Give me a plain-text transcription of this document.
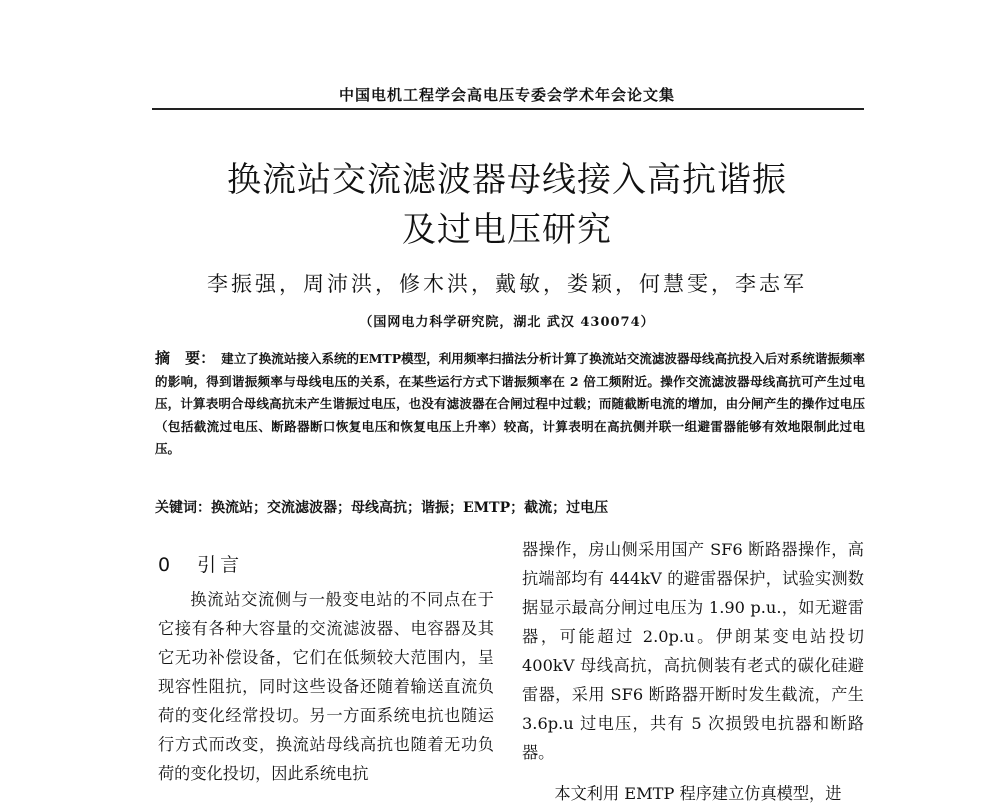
中国电机工程学会高电压专委会学术年会论文集
换流站交流滤波器母线接入高抗谐振
及过电压研究
李振强，周沛洪，修木洪，戴敏，娄颖，何慧雯，李志军
（国网电力科学研究院，湖北 武汉 430074）
摘　要： 建立了换流站接入系统的EMTP模型，利用频率扫描法分析计算了换流站交流滤波器母线高抗投入后对系统谐振频率的影响，得到谐振频率与母线电压的关系，在某些运行方式下谐振频率在 2 倍工频附近。操作交流滤波器母线高抗可产生过电压，计算表明合母线高抗未产生谐振过电压，也没有滤波器在合闸过程中过载；而随截断电流的增加，由分闸产生的操作过电压（包括截流过电压、断路器断口恢复电压和恢复电压上升率）较高，计算表明在高抗侧并联一组避雷器能够有效地限制此过电压。
关键词：换流站；交流滤波器；母线高抗；谐振；EMTP；截流；过电压
0　引言

换流站交流侧与一般变电站的不同点在于它接有各种大容量的交流滤波器、电容器及其它无功补偿设备，它们在低频较大范围内，呈现容性阻抗，同时这些设备还随着输送直流负荷的变化经常投切。另一方面系统电抗也随运行方式而改变，换流站母线高抗也随着无功负荷的变化投切，因此系统电抗

器操作，房山侧采用国产 SF6 断路器操作，高抗端部均有 444kV 的避雷器保护，试验实测数据显示最高分闸过电压为 1.90 p.u.，如无避雷器，可能超过 2.0p.u。伊朗某变电站投切 400kV 母线高抗，高抗侧装有老式的碳化硅避雷器，采用 SF6 断路器开断时发生截流，产生 3.6p.u 过电压，共有 5 次损毁电抗器和断路器。

本文利用 EMTP 程序建立仿真模型，进
